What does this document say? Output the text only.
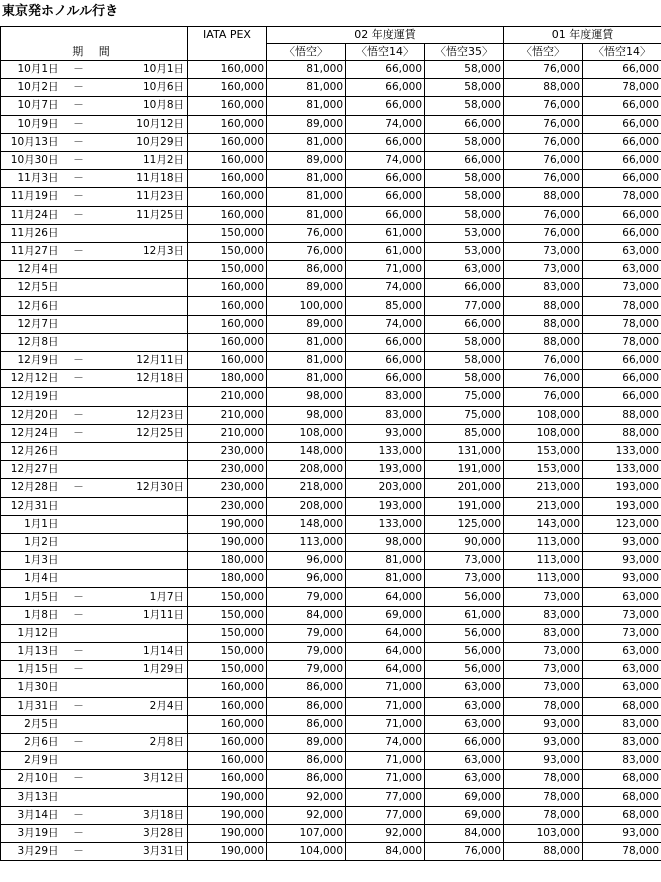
東京発ホノルル行き
期 間			IATA PEX	02 年度運賃			01 年度運賃	
				〈悟空〉	〈悟空14〉	〈悟空35〉	〈悟空〉	〈悟空14〉
10月1日	－	10月1日	160,000	81,000	66,000	58,000	76,000	66,000
10月2日	－	10月6日	160,000	81,000	66,000	58,000	88,000	78,000
10月7日	－	10月8日	160,000	81,000	66,000	58,000	76,000	66,000
10月9日	－	10月12日	160,000	89,000	74,000	66,000	76,000	66,000
10月13日	－	10月29日	160,000	81,000	66,000	58,000	76,000	66,000
10月30日	－	11月2日	160,000	89,000	74,000	66,000	76,000	66,000
11月3日	－	11月18日	160,000	81,000	66,000	58,000	76,000	66,000
11月19日	－	11月23日	160,000	81,000	66,000	58,000	88,000	78,000
11月24日	－	11月25日	160,000	81,000	66,000	58,000	76,000	66,000
11月26日			150,000	76,000	61,000	53,000	76,000	66,000
11月27日	－	12月3日	150,000	76,000	61,000	53,000	73,000	63,000
12月4日			150,000	86,000	71,000	63,000	73,000	63,000
12月5日			160,000	89,000	74,000	66,000	83,000	73,000
12月6日			160,000	100,000	85,000	77,000	88,000	78,000
12月7日			160,000	89,000	74,000	66,000	88,000	78,000
12月8日			160,000	81,000	66,000	58,000	88,000	78,000
12月9日	－	12月11日	160,000	81,000	66,000	58,000	76,000	66,000
12月12日	－	12月18日	180,000	81,000	66,000	58,000	76,000	66,000
12月19日			210,000	98,000	83,000	75,000	76,000	66,000
12月20日	－	12月23日	210,000	98,000	83,000	75,000	108,000	88,000
12月24日	－	12月25日	210,000	108,000	93,000	85,000	108,000	88,000
12月26日			230,000	148,000	133,000	131,000	153,000	133,000
12月27日			230,000	208,000	193,000	191,000	153,000	133,000
12月28日	－	12月30日	230,000	218,000	203,000	201,000	213,000	193,000
12月31日			230,000	208,000	193,000	191,000	213,000	193,000
1月1日			190,000	148,000	133,000	125,000	143,000	123,000
1月2日			190,000	113,000	98,000	90,000	113,000	93,000
1月3日			180,000	96,000	81,000	73,000	113,000	93,000
1月4日			180,000	96,000	81,000	73,000	113,000	93,000
1月5日	－	1月7日	150,000	79,000	64,000	56,000	73,000	63,000
1月8日	－	1月11日	150,000	84,000	69,000	61,000	83,000	73,000
1月12日			150,000	79,000	64,000	56,000	83,000	73,000
1月13日	－	1月14日	150,000	79,000	64,000	56,000	73,000	63,000
1月15日	－	1月29日	150,000	79,000	64,000	56,000	73,000	63,000
1月30日			160,000	86,000	71,000	63,000	73,000	63,000
1月31日	－	2月4日	160,000	86,000	71,000	63,000	78,000	68,000
2月5日			160,000	86,000	71,000	63,000	93,000	83,000
2月6日	－	2月8日	160,000	89,000	74,000	66,000	93,000	83,000
2月9日			160,000	86,000	71,000	63,000	93,000	83,000
2月10日	－	3月12日	160,000	86,000	71,000	63,000	78,000	68,000
3月13日			190,000	92,000	77,000	69,000	78,000	68,000
3月14日	－	3月18日	190,000	92,000	77,000	69,000	78,000	68,000
3月19日	－	3月28日	190,000	107,000	92,000	84,000	103,000	93,000
3月29日	－	3月31日	190,000	104,000	84,000	76,000	88,000	78,000
